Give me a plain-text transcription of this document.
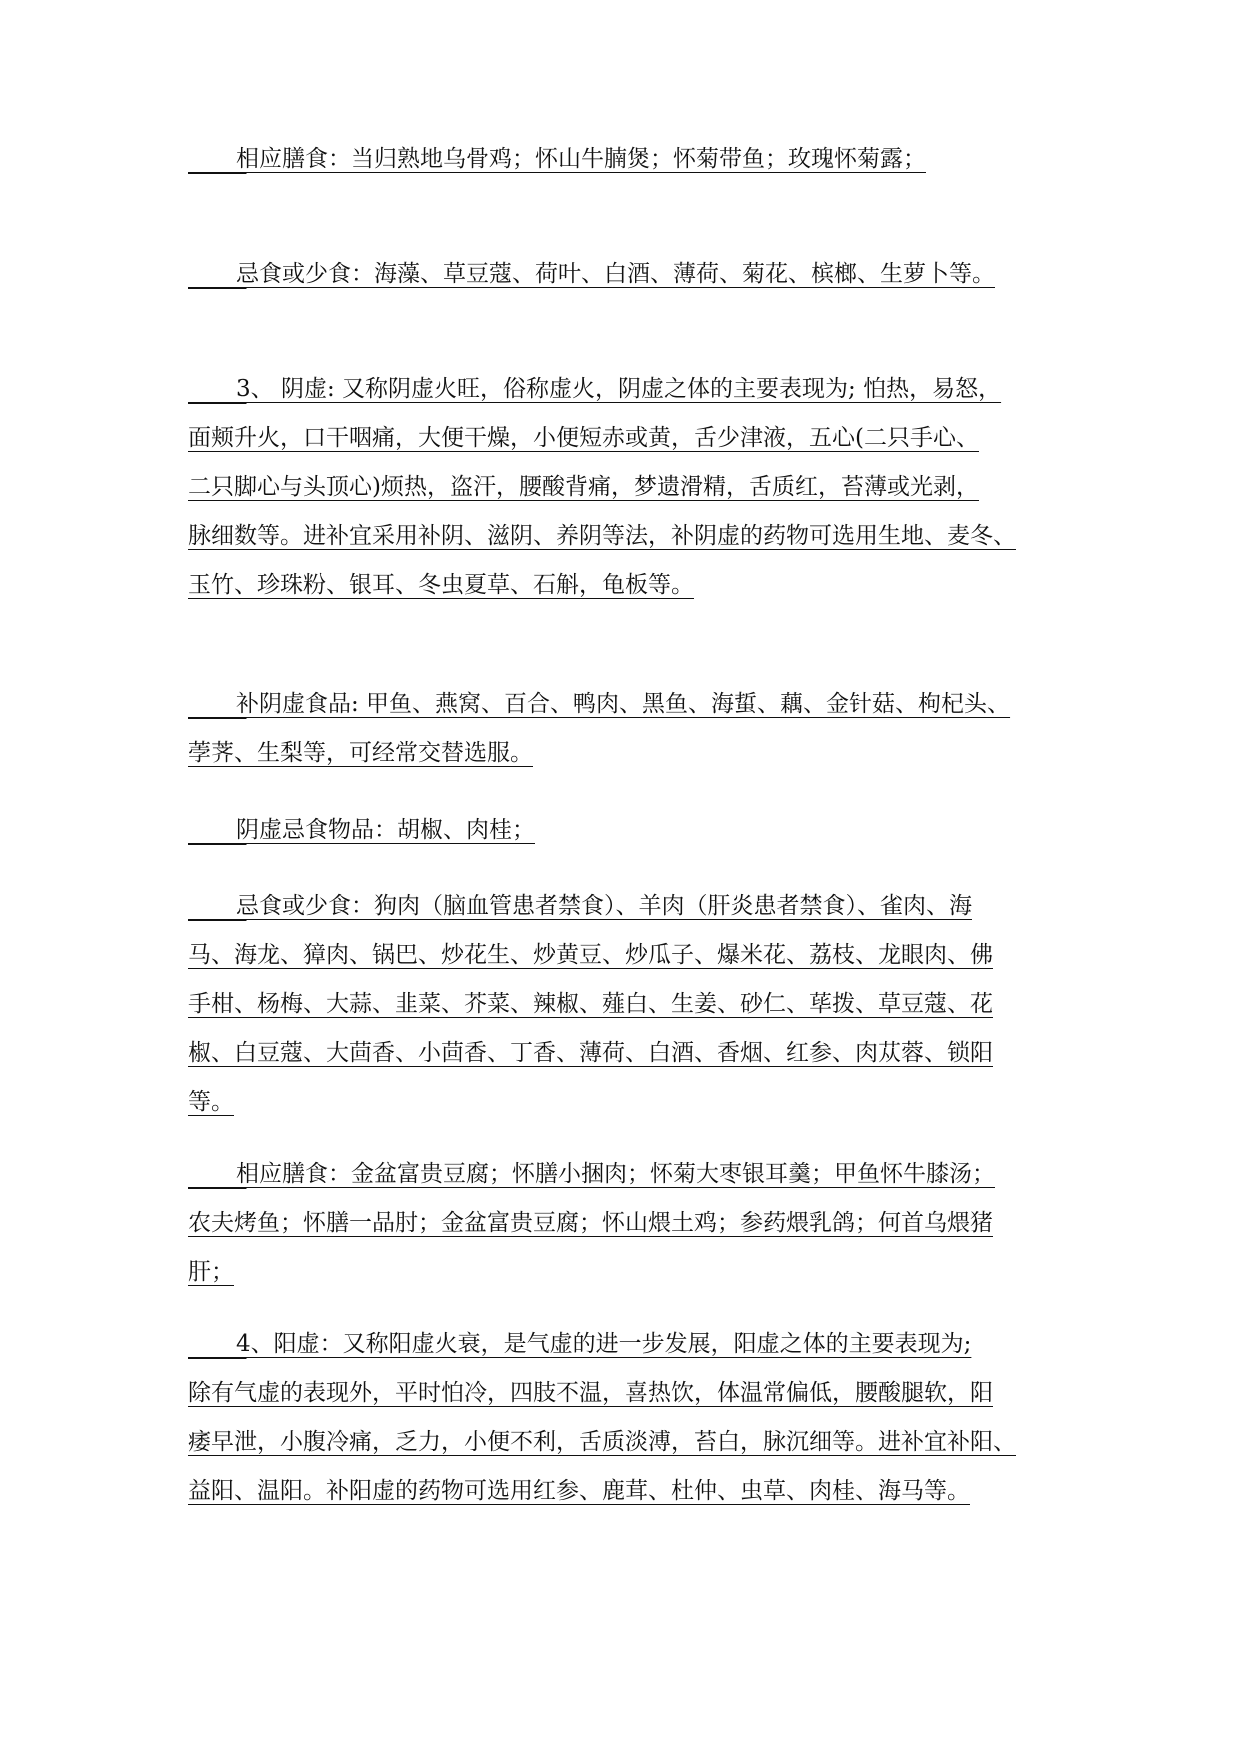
相应膳食：当归熟地乌骨鸡；怀山牛腩煲；怀菊带鱼；玫瑰怀菊露；
忌食或少食：海藻、草豆蔻、荷叶、白酒、薄荷、菊花、槟榔、生萝卜等。
3、 阴虚: 又称阴虚火旺，俗称虚火，阴虚之体的主要表现为; 怕热，易怒，
面颊升火，口干咽痛，大便干燥，小便短赤或黄，舌少津液，五心(二只手心、
二只脚心与头顶心)烦热，盗汗，腰酸背痛，梦遗滑精，舌质红，苔薄或光剥，
脉细数等。进补宜采用补阴、滋阴、养阴等法，补阴虚的药物可选用生地、麦冬、
玉竹、珍珠粉、银耳、冬虫夏草、石斛，龟板等。
补阴虚食品: 甲鱼、燕窝、百合、鸭肉、黑鱼、海蜇、藕、金针菇、枸杞头、
荸荠、生梨等，可经常交替选服。
阴虚忌食物品：胡椒、肉桂；
忌食或少食：狗肉（脑血管患者禁食）、羊肉（肝炎患者禁食）、雀肉、海
马、海龙、獐肉、锅巴、炒花生、炒黄豆、炒瓜子、爆米花、荔枝、龙眼肉、佛
手柑、杨梅、大蒜、韭菜、芥菜、辣椒、薤白、生姜、砂仁、荜拨、草豆蔻、花
椒、白豆蔻、大茴香、小茴香、丁香、薄荷、白酒、香烟、红参、肉苁蓉、锁阳
等。
相应膳食：金盆富贵豆腐；怀膳小捆肉；怀菊大枣银耳羹；甲鱼怀牛膝汤；
农夫烤鱼；怀膳一品肘；金盆富贵豆腐；怀山煨土鸡；参药煨乳鸽；何首乌煨猪
肝；
4、阳虚：又称阳虚火衰，是气虚的进一步发展，阳虚之体的主要表现为;
除有气虚的表现外，平时怕冷，四肢不温，喜热饮，体温常偏低，腰酸腿软，阳
痿早泄，小腹冷痛，乏力，小便不利，舌质淡溥，苔白，脉沉细等。进补宜补阳、
益阳、温阳。补阳虚的药物可选用红参、鹿茸、杜仲、虫草、肉桂、海马等。
